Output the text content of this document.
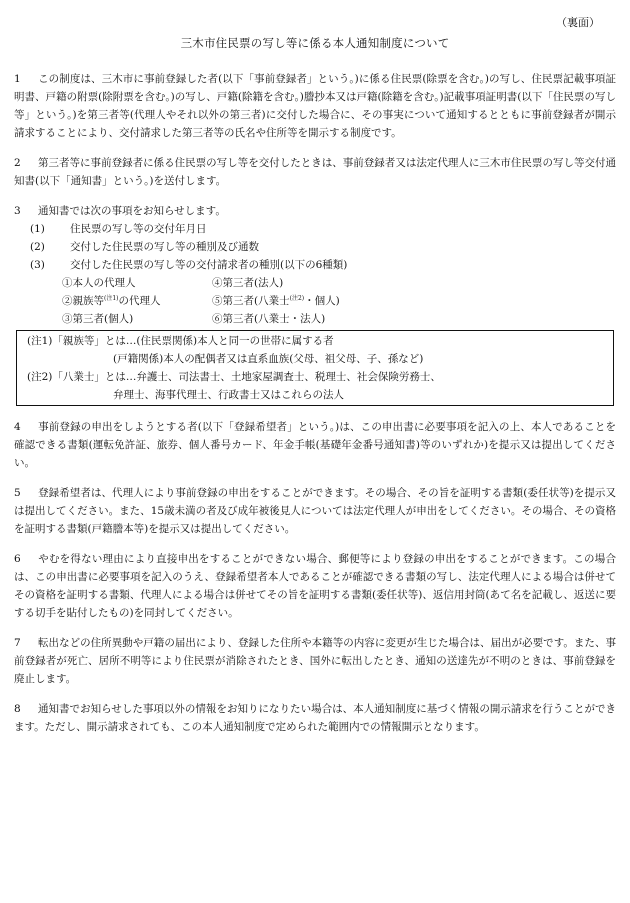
（裏面）
三木市住民票の写し等に係る本人通知制度について

1 この制度は、三木市に事前登録した者(以下「事前登録者」という。)に係る住民票(除票を含む。)の写し、住民票記載事項証明書、戸籍の附票(除附票を含む。)の写し、戸籍(除籍を含む。)謄抄本又は戸籍(除籍を含む。)記載事項証明書(以下「住民票の写し等」という。)を第三者等(代理人やそれ以外の第三者)に交付した場合に、その事実について通知するとともに事前登録者が開示請求することにより、交付請求した第三者等の氏名や住所等を開示する制度です。

2 第三者等に事前登録者に係る住民票の写し等を交付したときは、事前登録者又は法定代理人に三木市住民票の写し等交付通知書(以下「通知書」という。)を送付します。

3 通知書では次の事項をお知らせします。

(1)	住民票の写し等の交付年月日
(2)	交付した住民票の写し等の種別及び通数
(3)	交付した住民票の写し等の交付請求者の種別(以下の6種類)
①本人の代理人	④第三者(法人)
②親族等$^{(注1)}$の代理人	⑤第三者(八業士$^{(注2)}$・個人)
③第三者(個人)	⑥第三者(八業士・法人)
(注1)「親族等」とは…(住民票関係)本人と同一の世帯に属する者
(戸籍関係)本人の配偶者又は直系血族(父母、祖父母、子、孫など)
(注2)「八業士」とは…弁護士、司法書士、土地家屋調査士、税理士、社会保険労務士、
弁理士、海事代理士、行政書士又はこれらの法人

4 事前登録の申出をしようとする者(以下「登録希望者」という。)は、この申出書に必要事項を記入の上、本人であることを確認できる書類(運転免許証、旅券、個人番号カード、年金手帳(基礎年金番号通知書)等のいずれか)を提示又は提出してください。

5 登録希望者は、代理人により事前登録の申出をすることができます。その場合、その旨を証明する書類(委任状等)を提示又は提出してください。また、15歳未満の者及び成年被後見人については法定代理人が申出をしてください。その場合、その資格を証明する書類(戸籍謄本等)を提示又は提出してください。

6 やむを得ない理由により直接申出をすることができない場合、郵便等により登録の申出をすることができます。この場合は、この申出書に必要事項を記入のうえ、登録希望者本人であることが確認できる書類の写し、法定代理人による場合は併せてその資格を証明する書類、代理人による場合は併せてその旨を証明する書類(委任状等)、返信用封筒(あて名を記載し、返送に要する切手を貼付したもの)を同封してください。

7 転出などの住所異動や戸籍の届出により、登録した住所や本籍等の内容に変更が生じた場合は、届出が必要です。また、事前登録者が死亡、居所不明等により住民票が消除されたとき、国外に転出したとき、通知の送達先が不明のときは、事前登録を廃止します。

8 通知書でお知らせした事項以外の情報をお知りになりたい場合は、本人通知制度に基づく情報の開示請求を行うことができます。ただし、開示請求されても、この本人通知制度で定められた範囲内での情報開示となります。
